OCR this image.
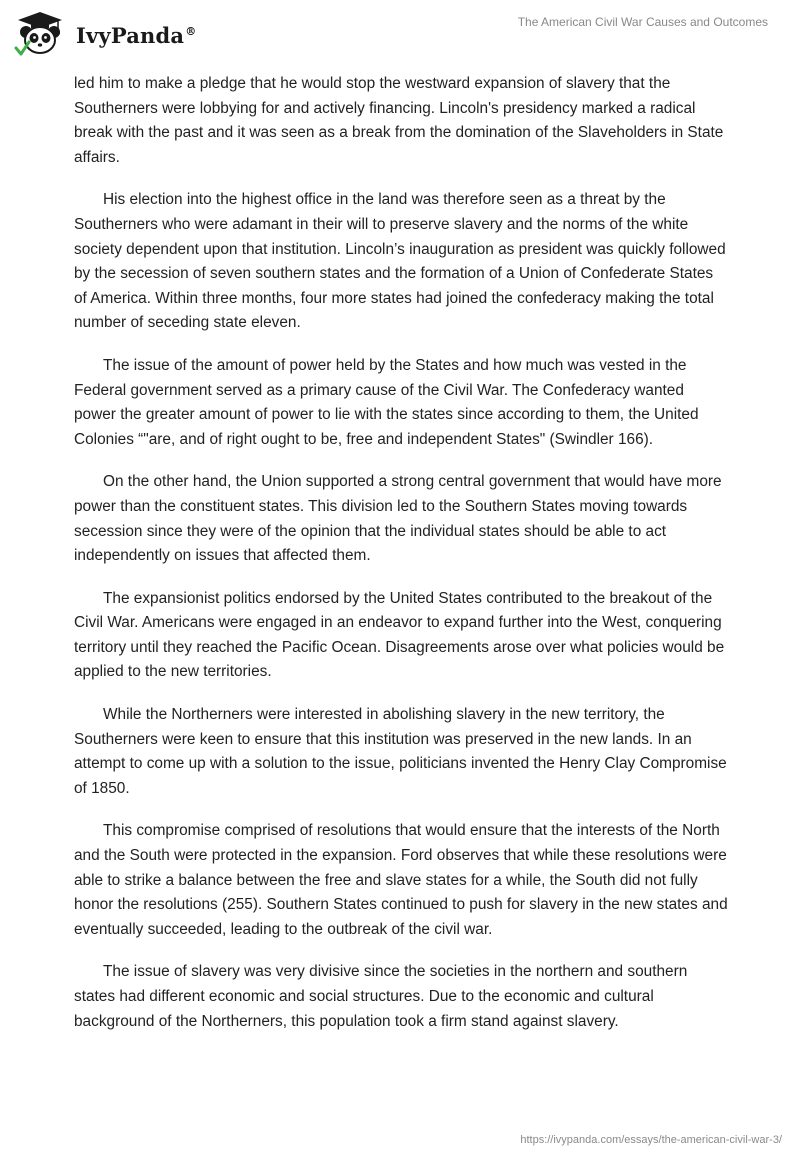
IvyPanda®
The American Civil War Causes and Outcomes

led him to make a pledge that he would stop the westward expansion of slavery that the Southerners were lobbying for and actively financing. Lincoln's presidency marked a radical break with the past and it was seen as a break from the domination of the Slaveholders in State affairs.

His election into the highest office in the land was therefore seen as a threat by the Southerners who were adamant in their will to preserve slavery and the norms of the white society dependent upon that institution. Lincoln’s inauguration as president was quickly followed by the secession of seven southern states and the formation of a Union of Confederate States of America. Within three months, four more states had joined the confederacy making the total number of seceding state eleven.

The issue of the amount of power held by the States and how much was vested in the Federal government served as a primary cause of the Civil War. The Confederacy wanted power the greater amount of power to lie with the states since according to them, the United Colonies “"are, and of right ought to be, free and independent States" (Swindler 166).

On the other hand, the Union supported a strong central government that would have more power than the constituent states. This division led to the Southern States moving towards secession since they were of the opinion that the individual states should be able to act independently on issues that affected them.

The expansionist politics endorsed by the United States contributed to the breakout of the Civil War. Americans were engaged in an endeavor to expand further into the West, conquering territory until they reached the Pacific Ocean. Disagreements arose over what policies would be applied to the new territories.

While the Northerners were interested in abolishing slavery in the new territory, the Southerners were keen to ensure that this institution was preserved in the new lands. In an attempt to come up with a solution to the issue, politicians invented the Henry Clay Compromise of 1850.

This compromise comprised of resolutions that would ensure that the interests of the North and the South were protected in the expansion. Ford observes that while these resolutions were able to strike a balance between the free and slave states for a while, the South did not fully honor the resolutions (255). Southern States continued to push for slavery in the new states and eventually succeeded, leading to the outbreak of the civil war.

The issue of slavery was very divisive since the societies in the northern and southern states had different economic and social structures. Due to the economic and cultural background of the Northerners, this population took a firm stand against slavery.

https://ivypanda.com/essays/the-american-civil-war-3/
